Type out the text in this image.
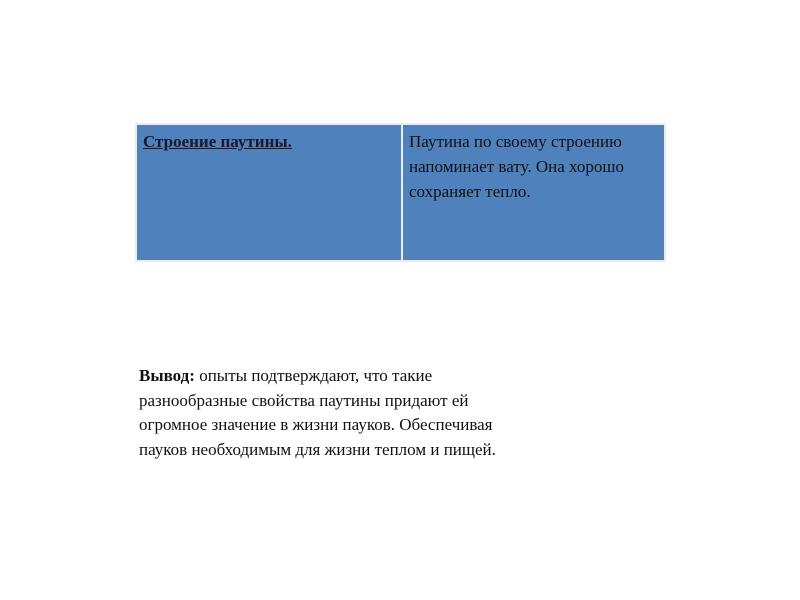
Строение паутины.	Паутина по своему строению напоминает вату. Она хорошо сохраняет тепло.

Вывод: опыты подтверждают, что такие разнообразные свойства паутины придают ей огромное значение в жизни пауков. Обеспечивая пауков необходимым для жизни теплом и пищей.
